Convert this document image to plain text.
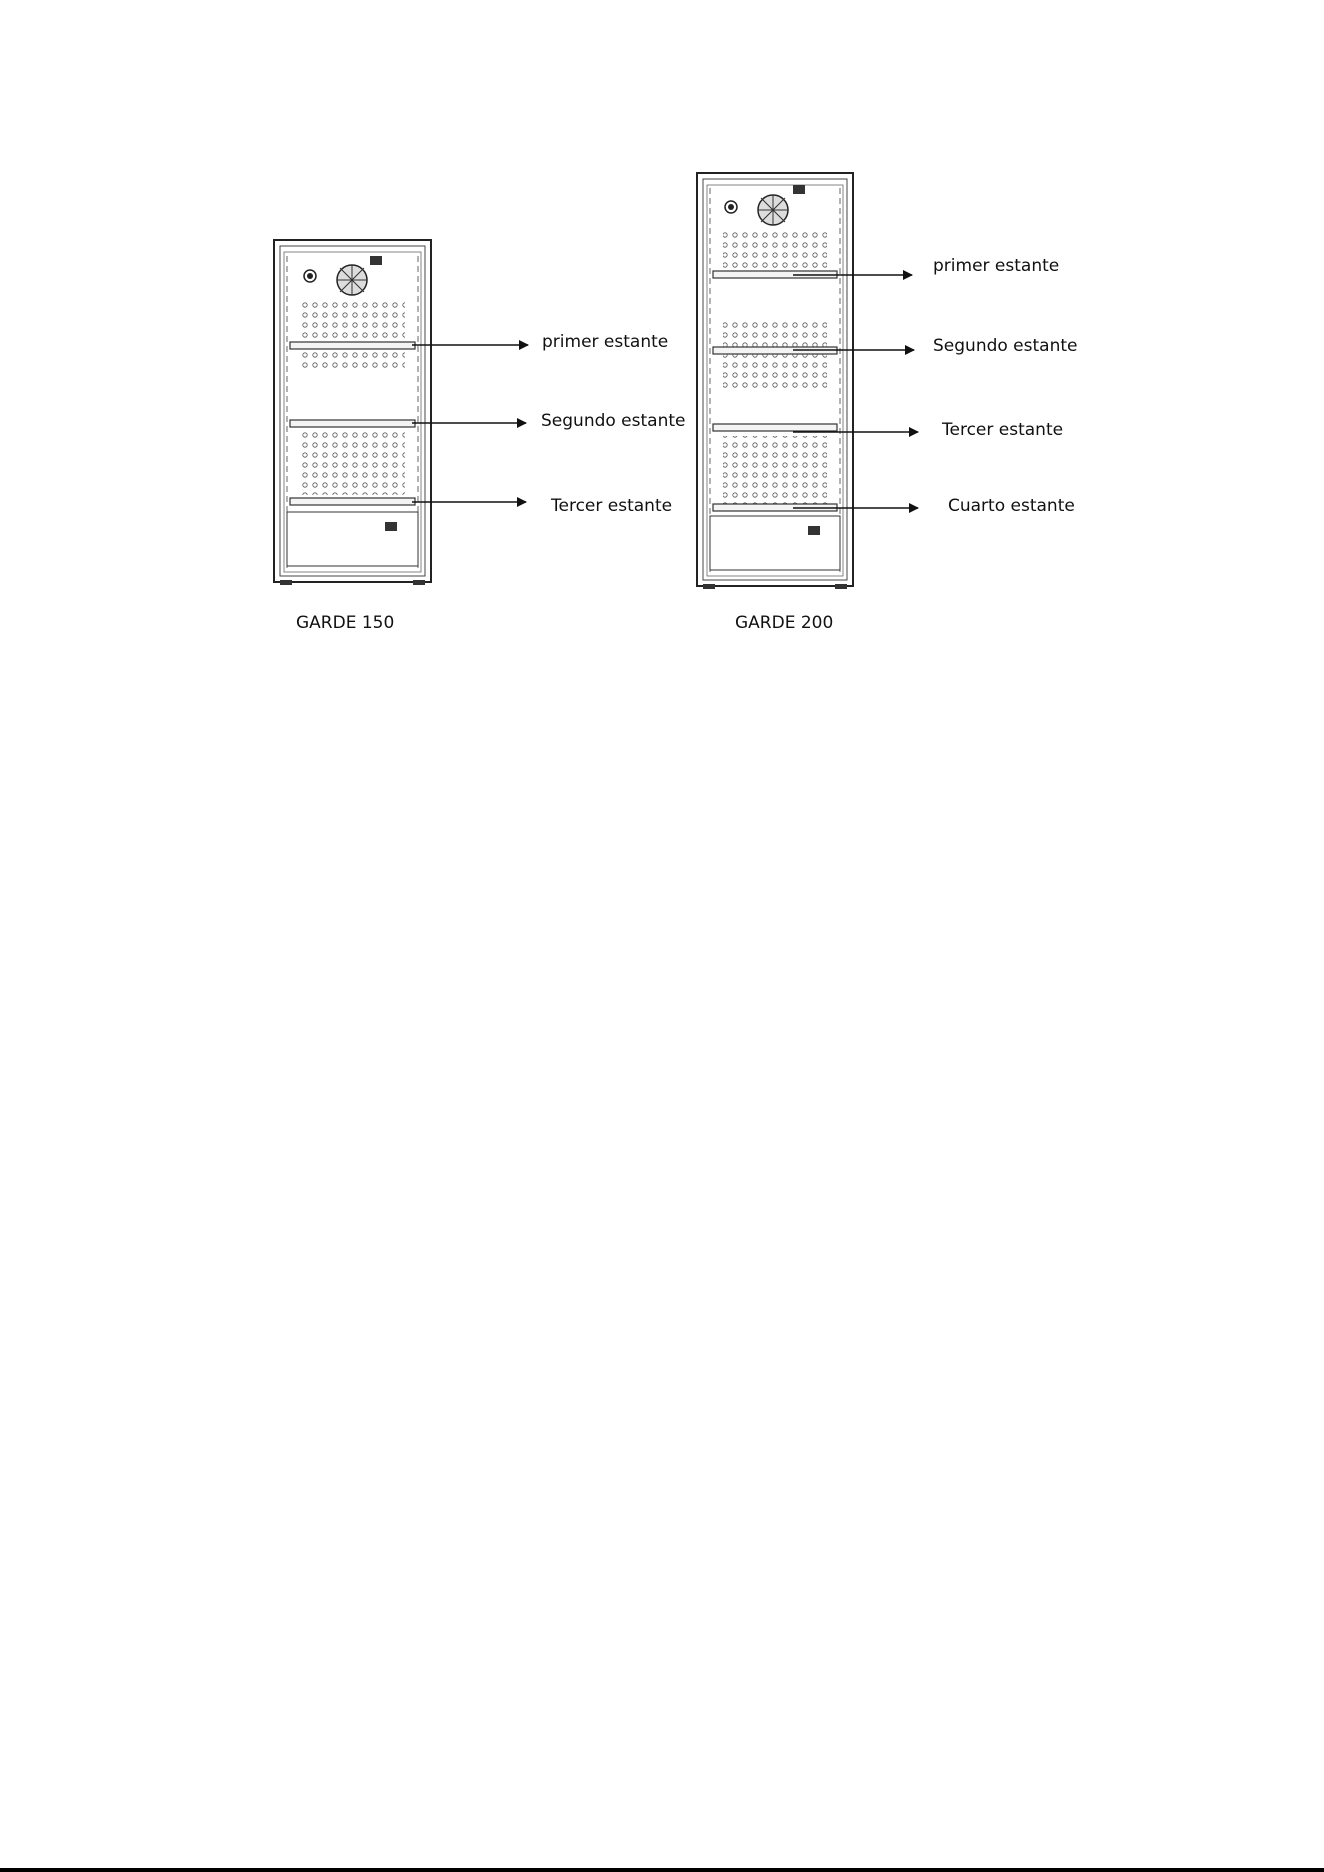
primer estante
Segundo estante
Tercer estante
GARDE 150
primer estante
Segundo estante
Tercer estante
Cuarto estante
GARDE 200
